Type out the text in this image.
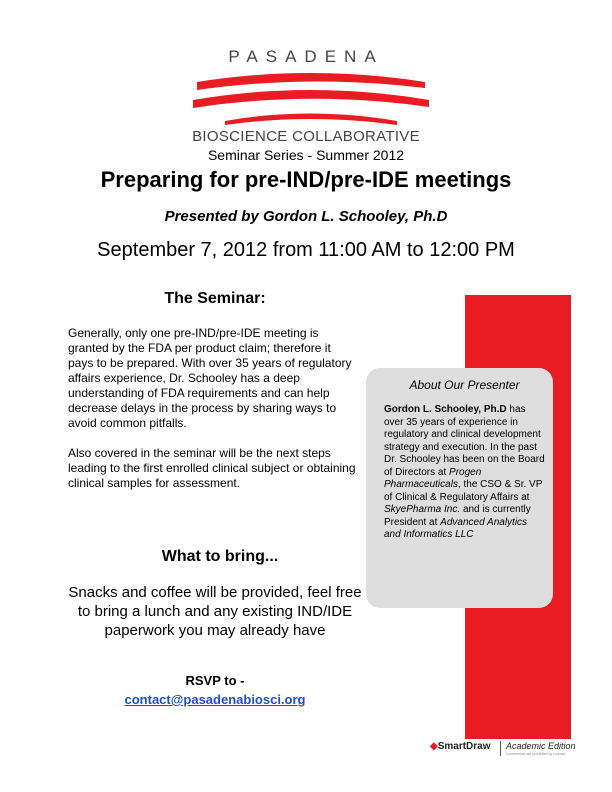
PASADENA
BIOSCIENCE COLLABORATIVE
Seminar Series - Summer 2012
Preparing for pre-IND/pre-IDE meetings
Presented by Gordon L. Schooley, Ph.D
September 7, 2012 from 11:00 AM to 12:00 PM
The Seminar:

Generally, only one pre-IND/pre-IDE meeting is granted by the FDA per product claim; therefore it pays to be prepared. With over 35 years of regulatory affairs experience, Dr. Schooley has a deep understanding of FDA requirements and can help decrease delays in the process by sharing ways to avoid common pitfalls.

Also covered in the seminar will be the next steps leading to the first enrolled clinical subject or obtaining clinical samples for assessment.

What to bring...
Snacks and coffee will be provided, feel free to bring a lunch and any existing IND/IDE paperwork you may already have
RSVP to -
contact@pasadenabiosci.org
About Our Presenter
Gordon L. Schooley, Ph.D has over 35 years of experience in regulatory and clinical development strategy and execution. In the past Dr. Schooley has been on the Board of Directors at Progen Pharmaceuticals, the CSO & Sr. VP of Clinical & Regulatory Affairs at SkyePharma Inc. and is currently President at Advanced Analytics and Informatics LLC
◆SmartDraw Academic Edition
Commercial use prohibited by License
